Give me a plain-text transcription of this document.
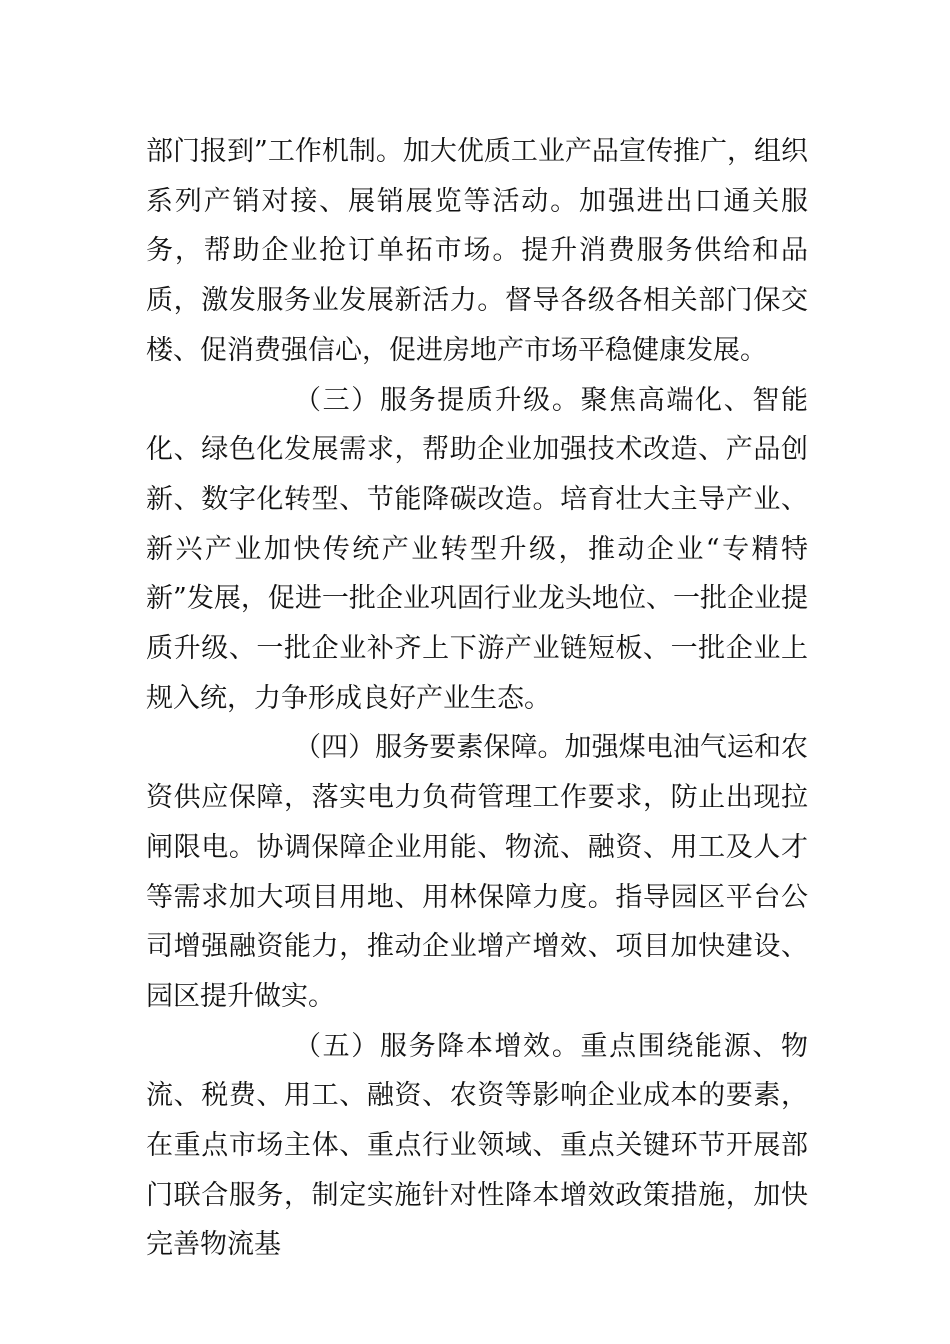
部门报到”工作机制。加大优质工业产品宣传推广，组织系列产销对接、展销展览等活动。加强进出口通关服务，帮助企业抢订单拓市场。提升消费服务供给和品质，激发服务业发展新活力。督导各级各相关部门保交楼、促消费强信心，促进房地产市场平稳健康发展。

（三）服务提质升级。聚焦高端化、智能化、绿色化发展需求，帮助企业加强技术改造、产品创新、数字化转型、节能降碳改造。培育壮大主导产业、新兴产业加快传统产业转型升级，推动企业“专精特新”发展，促进一批企业巩固行业龙头地位、一批企业提质升级、一批企业补齐上下游产业链短板、一批企业上规入统，力争形成良好产业生态。

（四）服务要素保障。加强煤电油气运和农资供应保障，落实电力负荷管理工作要求，防止出现拉闸限电。协调保障企业用能、物流、融资、用工及人才等需求加大项目用地、用林保障力度。指导园区平台公司增强融资能力，推动企业增产增效、项目加快建设、园区提升做实。

（五）服务降本增效。重点围绕能源、物流、税费、用工、融资、农资等影响企业成本的要素，在重点市场主体、重点行业领域、重点关键环节开展部门联合服务，制定实施针对性降本增效政策措施，加快完善物流基
